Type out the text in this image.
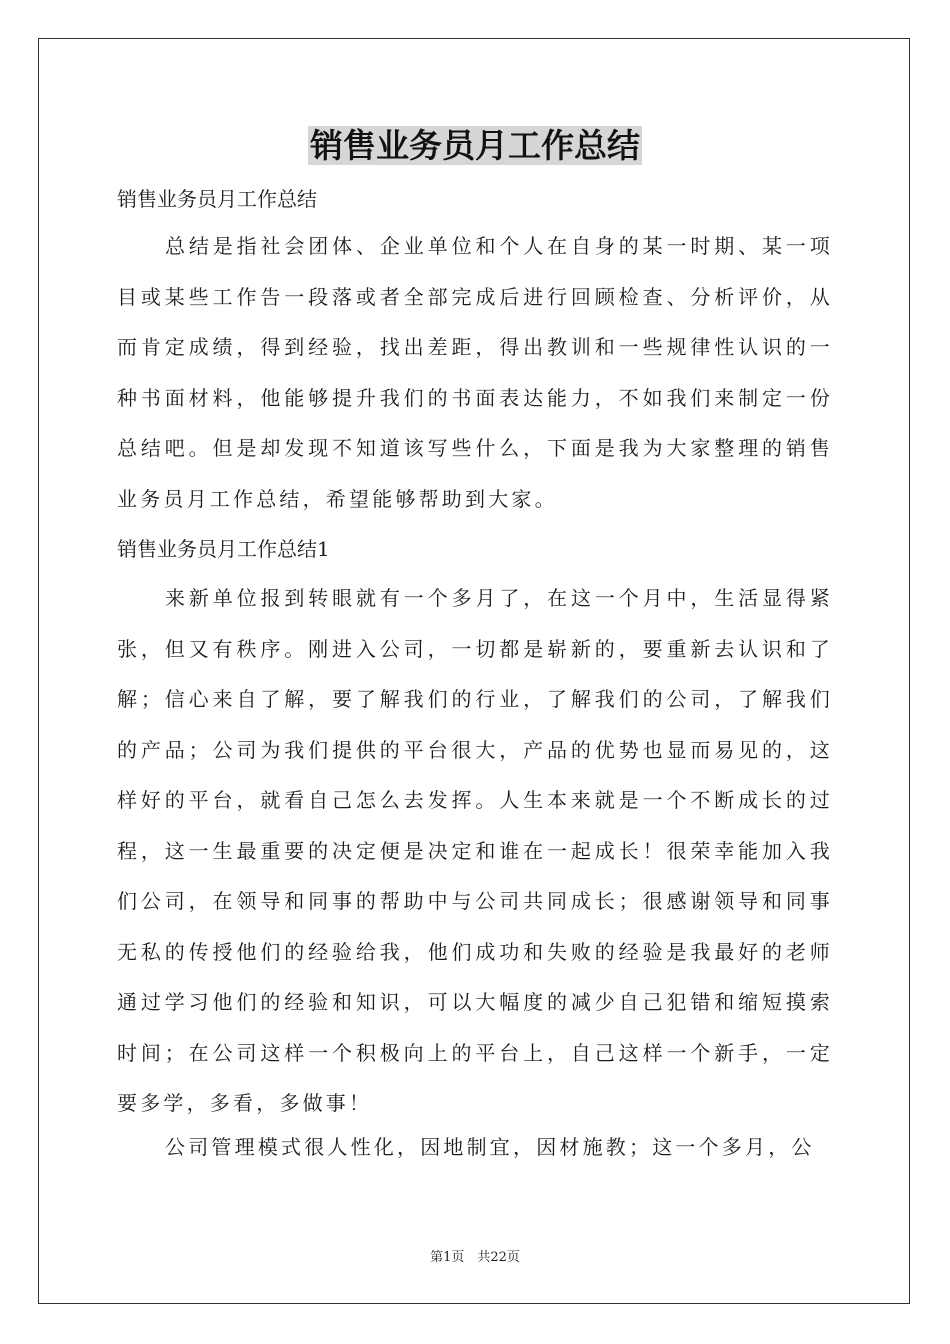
销售业务员月工作总结
销售业务员月工作总结

总结是指社会团体、企业单位和个人在自身的某一时期、某一项目或某些工作告一段落或者全部完成后进行回顾检查、分析评价，从而肯定成绩，得到经验，找出差距，得出教训和一些规律性认识的一种书面材料，他能够提升我们的书面表达能力，不如我们来制定一份总结吧。但是却发现不知道该写些什么，下面是我为大家整理的销售业务员月工作总结，希望能够帮助到大家。

销售业务员月工作总结1

来新单位报到转眼就有一个多月了，在这一个月中，生活显得紧张，但又有秩序。刚进入公司，一切都是崭新的，要重新去认识和了解；信心来自了解，要了解我们的行业，了解我们的公司，了解我们的产品；公司为我们提供的平台很大，产品的优势也显而易见的，这样好的平台，就看自己怎么去发挥。人生本来就是一个不断成长的过程，这一生最重要的决定便是决定和谁在一起成长！很荣幸能加入我们公司，在领导和同事的帮助中与公司共同成长；很感谢领导和同事无私的传授他们的经验给我，他们成功和失败的经验是我最好的老师通过学习他们的经验和知识，可以大幅度的减少自己犯错和缩短摸索时间；在公司这样一个积极向上的平台上，自己这样一个新手，一定要多学，多看，多做事！

公司管理模式很人性化，因地制宜，因材施教；这一个多月，公

第1页　共22页
